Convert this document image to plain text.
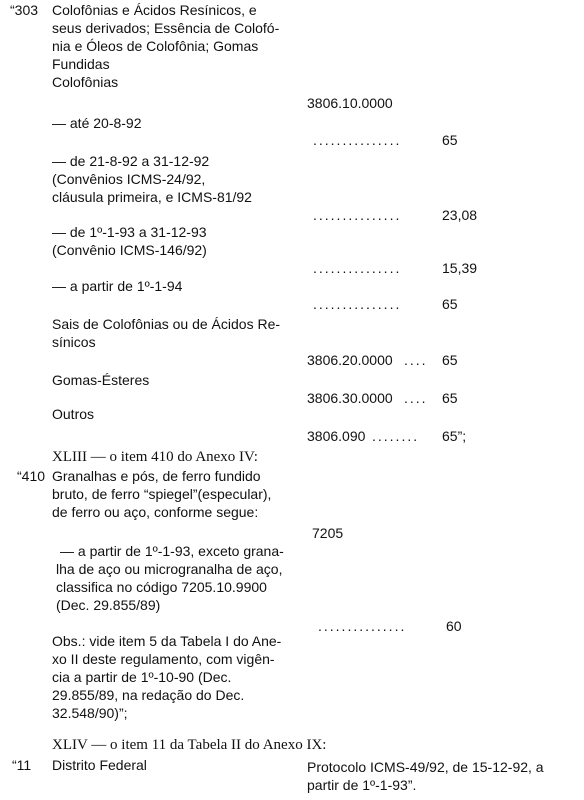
“303 Colofônias e Ácidos Resínicos, e
seus derivados; Essência de Colofó-
nia e Óleos de Colofônia; Gomas
Fundidas
Colofônias
3806.10.0000
— até 20-8-92
...............	65
— de 21-8-92 a 31-12-92
(Convênios ICMS-24/92,
cláusula primeira, e ICMS-81/92
...............	23,08
— de 1º-1-93 a 31-12-93
(Convênio ICMS-146/92)
...............	15,39
— a partir de 1º-1-94
...............	65
Sais de Colofônias ou de Ácidos Re-
sínicos
3806.20.0000 .... 65
Gomas-Ésteres
3806.30.0000 .... 65
Outros
3806.090 ........ 65”;
XLIII — o item 410 do Anexo IV:
“410 Granalhas e pós, de ferro fundido
bruto, de ferro “spiegel”(especular),
de ferro ou aço, conforme segue:
7205
— a partir de 1º-1-93, exceto grana-
lha de aço ou microgranalha de aço,
classifica no código 7205.10.9900
(Dec. 29.855/89)
...............	60
Obs.: vide item 5 da Tabela I do Ane-
xo II deste regulamento, com vigên-
cia a partir de 1º-10-90 (Dec.
29.855/89, na redação do Dec.
32.548/90)”;
XLIV — o item 11 da Tabela II do Anexo IX:
“11 Distrito Federal	Protocolo ICMS-49/92, de 15-12-92, a
partir de 1º-1-93”.
